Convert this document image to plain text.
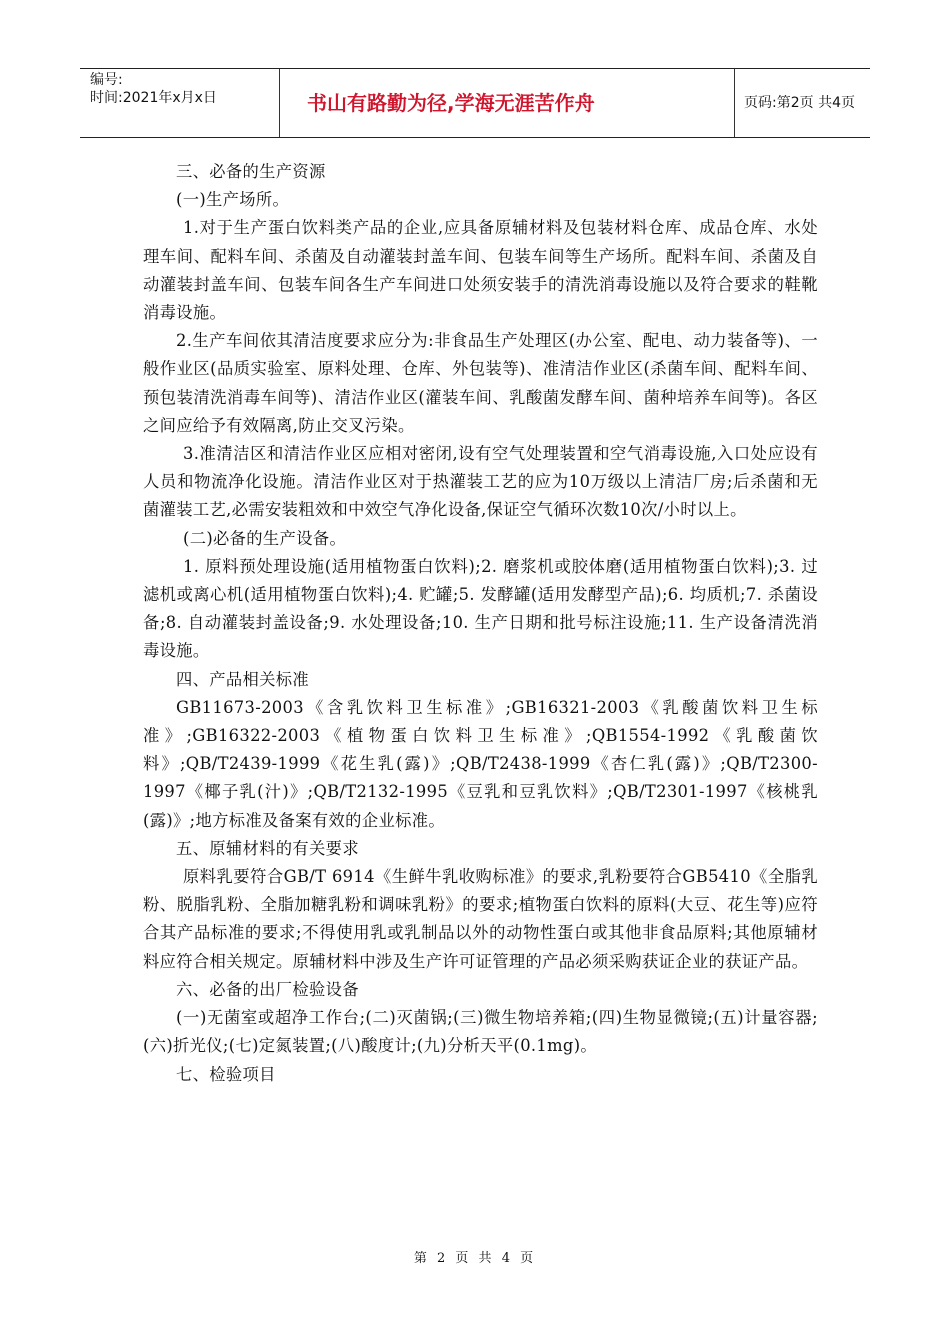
编号:
时间:2021年x月x日	书山有路勤为径,学海无涯苦作舟	页码:第2页 共4页

三、必备的生产资源

(一)生产场所。

1.对于生产蛋白饮料类产品的企业,应具备原辅材料及包装材料仓库、成品仓库、水处理车间、配料车间、杀菌及自动灌装封盖车间、包装车间等生产场所。配料车间、杀菌及自动灌装封盖车间、包装车间各生产车间进口处须安装手的清洗消毒设施以及符合要求的鞋靴消毒设施。

2.生产车间依其清洁度要求应分为:非食品生产处理区(办公室、配电、动力装备等)、一般作业区(品质实验室、原料处理、仓库、外包装等)、准清洁作业区(杀菌车间、配料车间、预包装清洗消毒车间等)、清洁作业区(灌装车间、乳酸菌发酵车间、菌种培养车间等)。各区之间应给予有效隔离,防止交叉污染。

3.准清洁区和清洁作业区应相对密闭,设有空气处理装置和空气消毒设施,入口处应设有人员和物流净化设施。清洁作业区对于热灌装工艺的应为10万级以上清洁厂房;后杀菌和无菌灌装工艺,必需安装粗效和中效空气净化设备,保证空气循环次数10次/小时以上。

(二)必备的生产设备。

1. 原料预处理设施(适用植物蛋白饮料);2. 磨浆机或胶体磨(适用植物蛋白饮料);3. 过滤机或离心机(适用植物蛋白饮料);4. 贮罐;5. 发酵罐(适用发酵型产品);6. 均质机;7. 杀菌设备;8. 自动灌装封盖设备;9. 水处理设备;10. 生产日期和批号标注设施;11. 生产设备清洗消毒设施。

四、产品相关标准

GB11673-2003《含乳饮料卫生标准》;GB16321-2003《乳酸菌饮料卫生标准》;GB16322-2003《植物蛋白饮料卫生标准》;QB1554-1992《乳酸菌饮料》;QB/T2439-1999《花生乳(露)》;QB/T2438-1999《杏仁乳(露)》;QB/T2300-1997《椰子乳(汁)》;QB/T2132-1995《豆乳和豆乳饮料》;QB/T2301-1997《核桃乳(露)》;地方标准及备案有效的企业标准。

五、原辅材料的有关要求

原料乳要符合GB/T 6914《生鲜牛乳收购标准》的要求,乳粉要符合GB5410《全脂乳粉、脱脂乳粉、全脂加糖乳粉和调味乳粉》的要求;植物蛋白饮料的原料(大豆、花生等)应符合其产品标准的要求;不得使用乳或乳制品以外的动物性蛋白或其他非食品原料;其他原辅材料应符合相关规定。原辅材料中涉及生产许可证管理的产品必须采购获证企业的获证产品。

六、必备的出厂检验设备

(一)无菌室或超净工作台;(二)灭菌锅;(三)微生物培养箱;(四)生物显微镜;(五)计量容器;(六)折光仪;(七)定氮装置;(八)酸度计;(九)分析天平(0.1mg)。

七、检验项目

第 2 页 共 4 页
